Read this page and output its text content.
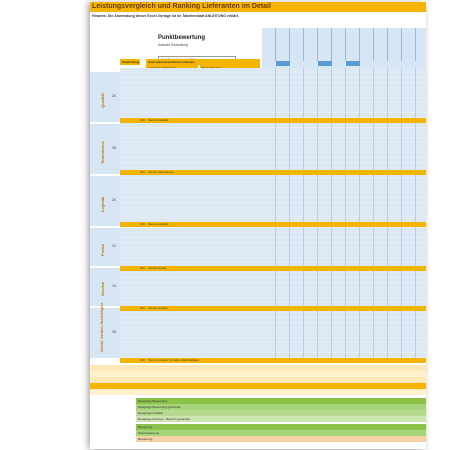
Leistungsvergleich und Ranking Lieferanten im Detail
Hinweis: Die Anwendung dieser Excel-Vorlage ist im Tabellenblatt ANLEITUNG erklärt.
Punktbewertung
Auswahl Gewichtung
Gewichtung	Unternehmenskriterien Lieferant
Qualität 24
Termintreue 16
Logistik 20
Preise 12
Service 13
Umwelt, Soziales, Nachhaltigkeit 15
100 Summe Qualität
100 Summe Termintreue
100 Summe Logistik
100 Summe Preise
100 Summe Service
100 Summe Umwelt, Soziales, Nachhaltigkeit
Rangfolge Bewertung
Rangfolge Bewertung gewichtet
Rangfolge Qualität
Rangfolge Kriterien - Bereich gewichtet
Bewertung
Sternbewertung
Bewertung
